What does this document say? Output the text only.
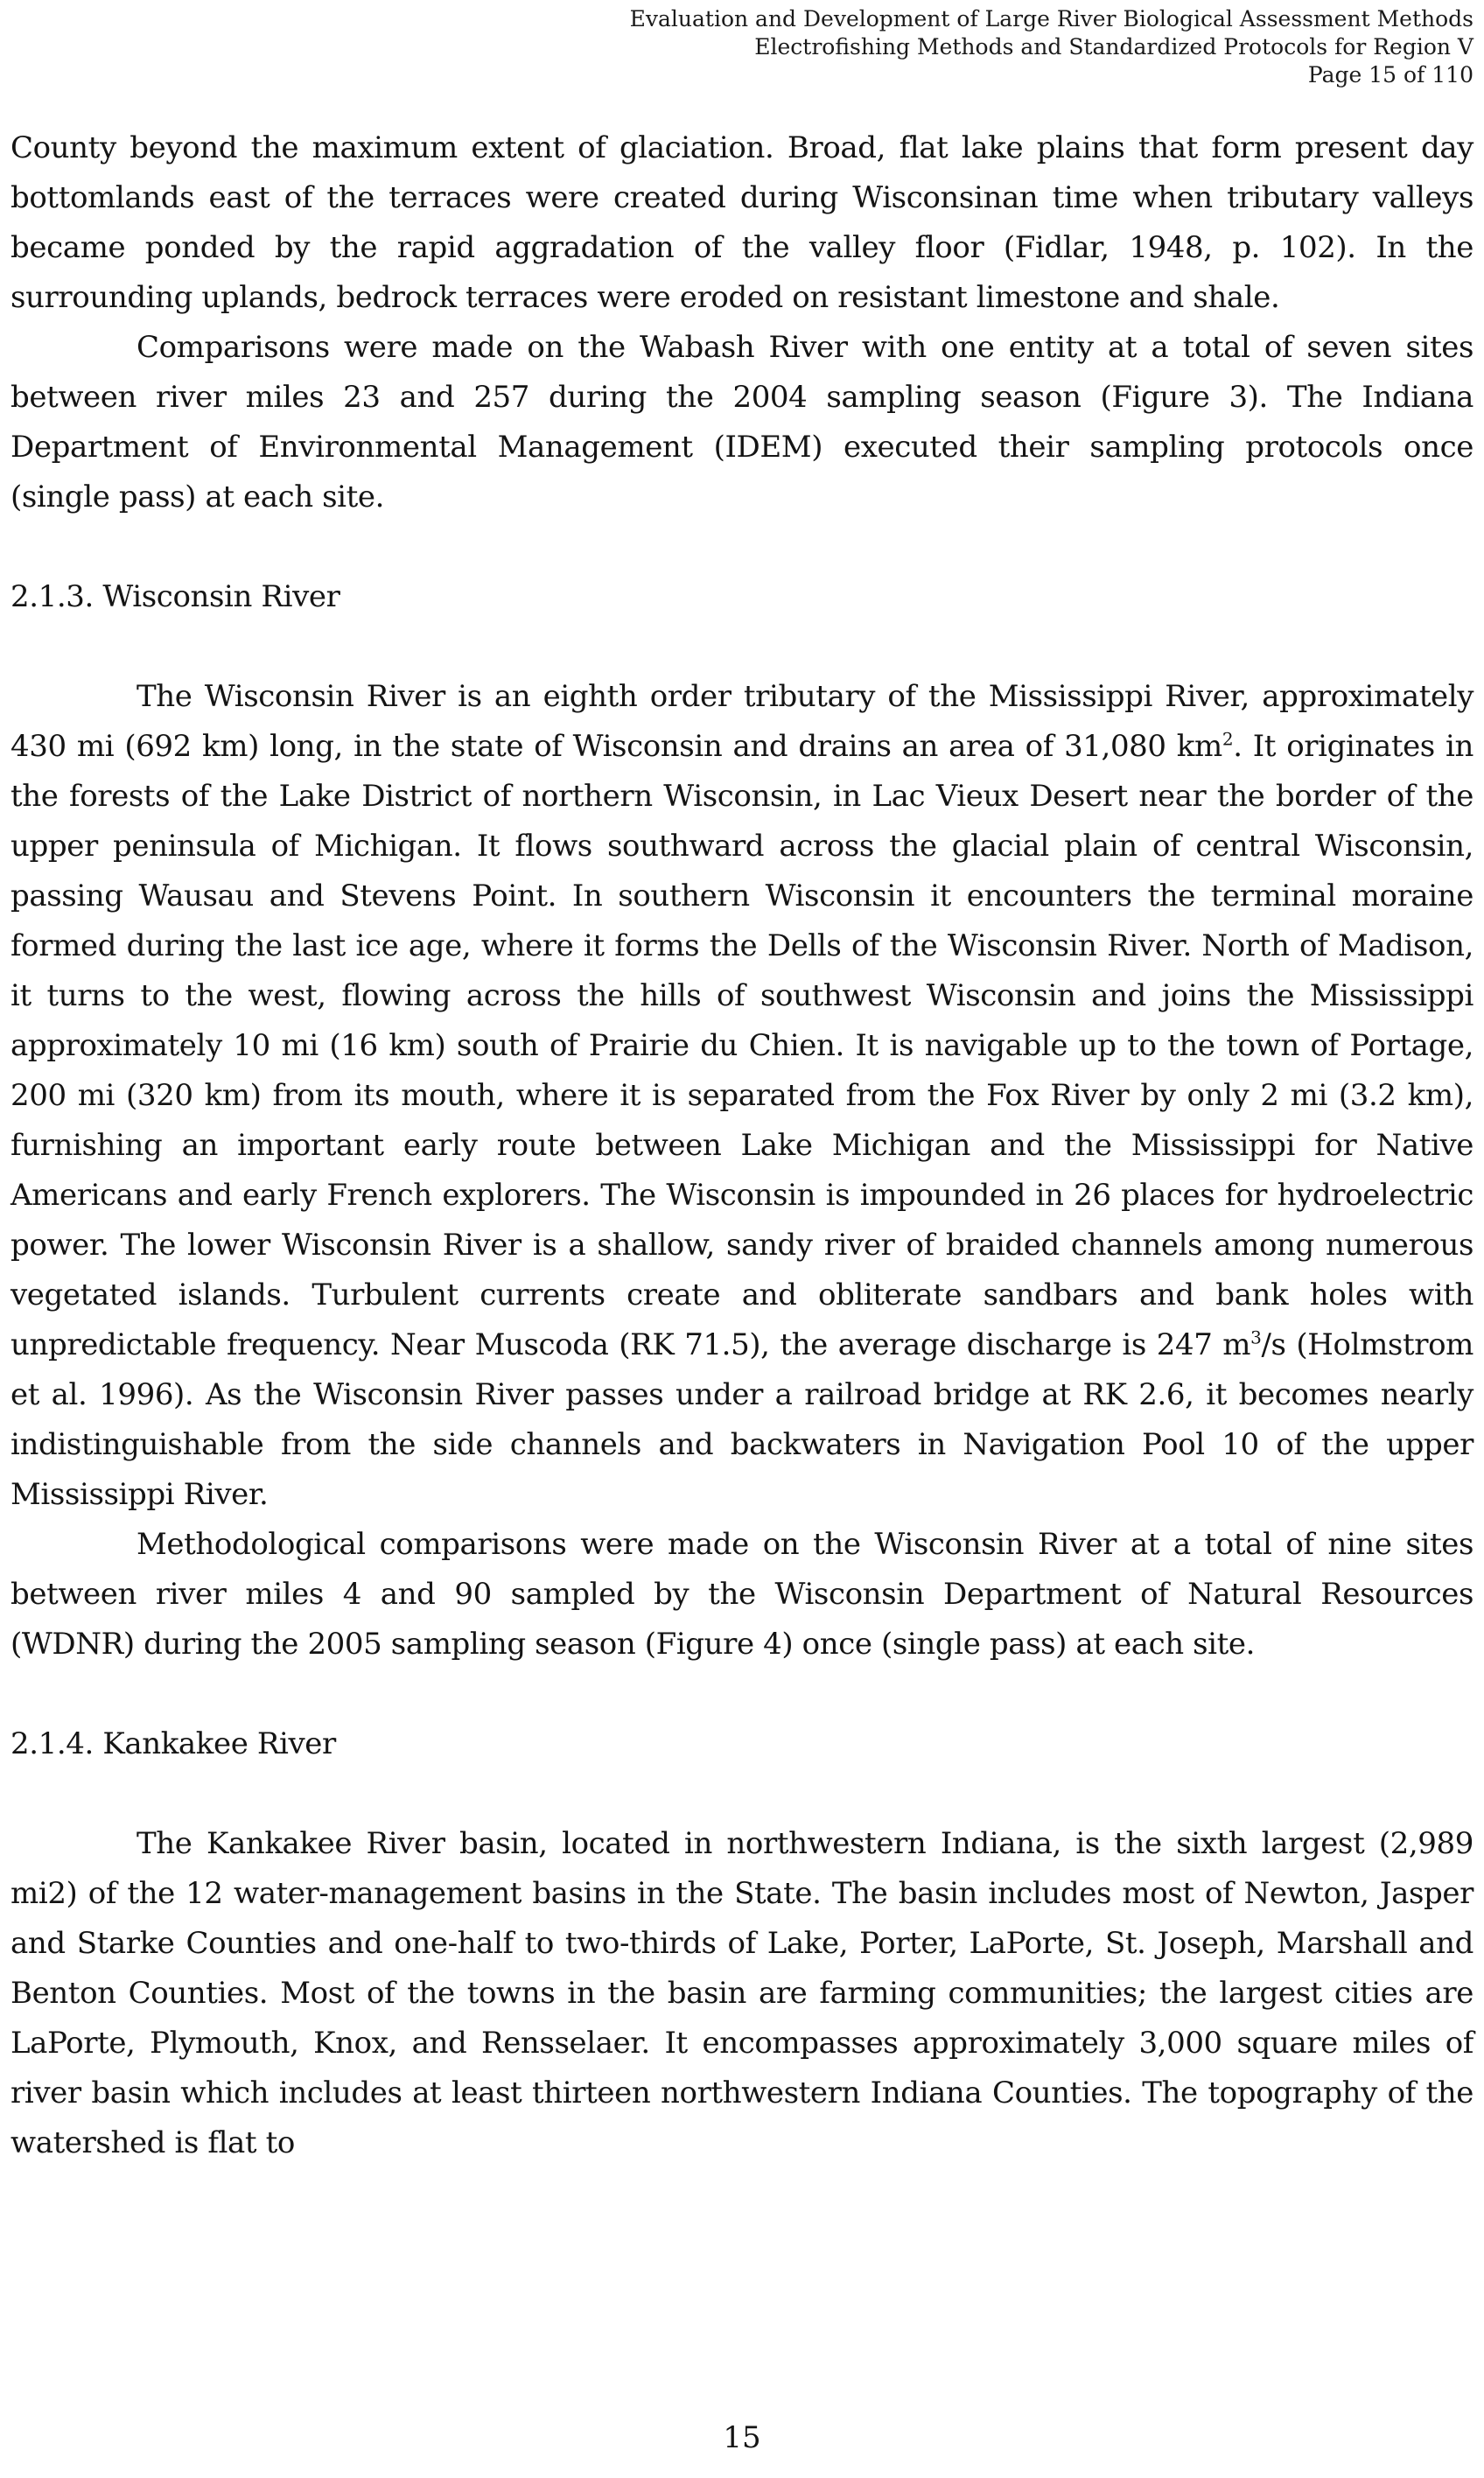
Evaluation and Development of Large River Biological Assessment Methods
Electrofishing Methods and Standardized Protocols for Region V
Page 15 of 110

County beyond the maximum extent of glaciation. Broad, flat lake plains that form present day bottomlands east of the terraces were created during Wisconsinan time when tributary valleys became ponded by the rapid aggradation of the valley floor (Fidlar, 1948, p. 102). In the surrounding uplands, bedrock terraces were eroded on resistant limestone and shale.

Comparisons were made on the Wabash River with one entity at a total of seven sites between river miles 23 and 257 during the 2004 sampling season (Figure 3). The Indiana Department of Environmental Management (IDEM) executed their sampling protocols once (single pass) at each site.

2.1.3. Wisconsin River

The Wisconsin River is an eighth order tributary of the Mississippi River, approximately 430 mi (692 km) long, in the state of Wisconsin and drains an area of 31,080 $km^2$. It originates in the forests of the Lake District of northern Wisconsin, in Lac Vieux Desert near the border of the upper peninsula of Michigan. It flows southward across the glacial plain of central Wisconsin, passing Wausau and Stevens Point. In southern Wisconsin it encounters the terminal moraine formed during the last ice age, where it forms the Dells of the Wisconsin River. North of Madison, it turns to the west, flowing across the hills of southwest Wisconsin and joins the Mississippi approximately 10 mi (16 km) south of Prairie du Chien. It is navigable up to the town of Portage, 200 mi (320 km) from its mouth, where it is separated from the Fox River by only 2 mi (3.2 km), furnishing an important early route between Lake Michigan and the Mississippi for Native Americans and early French explorers. The Wisconsin is impounded in 26 places for hydroelectric power. The lower Wisconsin River is a shallow, sandy river of braided channels among numerous vegetated islands. Turbulent currents create and obliterate sandbars and bank holes with unpredictable frequency. Near Muscoda (RK 71.5), the average discharge is 247 $m^3/s$ (Holmstrom et al. 1996). As the Wisconsin River passes under a railroad bridge at RK 2.6, it becomes nearly indistinguishable from the side channels and backwaters in Navigation Pool 10 of the upper Mississippi River.

Methodological comparisons were made on the Wisconsin River at a total of nine sites between river miles 4 and 90 sampled by the Wisconsin Department of Natural Resources (WDNR) during the 2005 sampling season (Figure 4) once (single pass) at each site.

2.1.4. Kankakee River

The Kankakee River basin, located in northwestern Indiana, is the sixth largest (2,989 mi2) of the 12 water-management basins in the State. The basin includes most of Newton, Jasper and Starke Counties and one-half to two-thirds of Lake, Porter, LaPorte, St. Joseph, Marshall and Benton Counties. Most of the towns in the basin are farming communities; the largest cities are LaPorte, Plymouth, Knox, and Rensselaer. It encompasses approximately 3,000 square miles of river basin which includes at least thirteen northwestern Indiana Counties. The topography of the watershed is flat to

15
